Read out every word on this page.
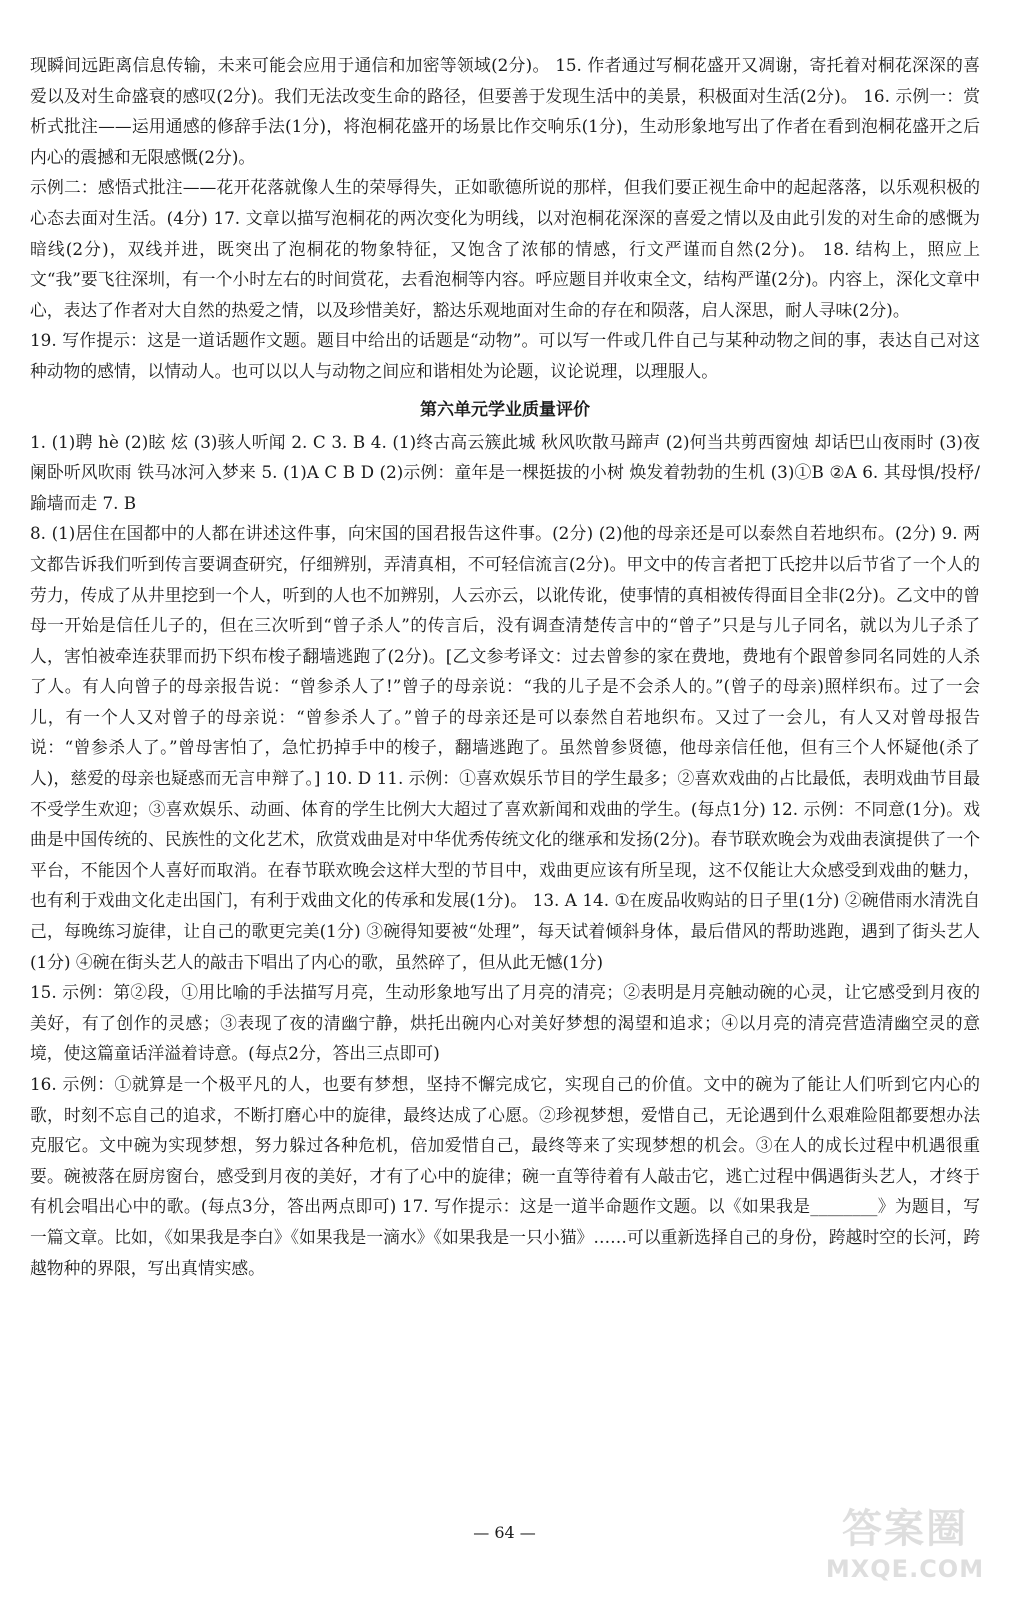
现瞬间远距离信息传输，未来可能会应用于通信和加密等领域(2分)。 15. 作者通过写桐花盛开又凋谢，寄托着对桐花深深的喜爱以及对生命盛衰的感叹(2分)。我们无法改变生命的路径，但要善于发现生活中的美景，积极面对生活(2分)。 16. 示例一：赏析式批注——运用通感的修辞手法(1分)，将泡桐花盛开的场景比作交响乐(1分)，生动形象地写出了作者在看到泡桐花盛开之后内心的震撼和无限感慨(2分)。

示例二：感悟式批注——花开花落就像人生的荣辱得失，正如歌德所说的那样，但我们要正视生命中的起起落落，以乐观积极的心态去面对生活。(4分) 17. 文章以描写泡桐花的两次变化为明线，以对泡桐花深深的喜爱之情以及由此引发的对生命的感慨为暗线(2分)，双线并进，既突出了泡桐花的物象特征，又饱含了浓郁的情感，行文严谨而自然(2分)。 18. 结构上，照应上文“我”要飞往深圳，有一个小时左右的时间赏花，去看泡桐等内容。呼应题目并收束全文，结构严谨(2分)。内容上，深化文章中心，表达了作者对大自然的热爱之情，以及珍惜美好，豁达乐观地面对生命的存在和陨落，启人深思，耐人寻味(2分)。

19. 写作提示：这是一道话题作文题。题目中给出的话题是“动物”。可以写一件或几件自己与某种动物之间的事，表达自己对这种动物的感情，以情动人。也可以以人与动物之间应和谐相处为论题，议论说理，以理服人。

第六单元学业质量评价

1. (1)聘 hè (2)眩 炫 (3)骇人听闻 2. C 3. B 4. (1)终古高云簇此城 秋风吹散马蹄声 (2)何当共剪西窗烛 却话巴山夜雨时 (3)夜阑卧听风吹雨 铁马冰河入梦来 5. (1)A C B D (2)示例：童年是一棵挺拔的小树 焕发着勃勃的生机 (3)①B ②A 6. 其母惧/投杼/踰墙而走 7. B

8. (1)居住在国都中的人都在讲述这件事，向宋国的国君报告这件事。(2分) (2)他的母亲还是可以泰然自若地织布。(2分) 9. 两文都告诉我们听到传言要调查研究，仔细辨别，弄清真相，不可轻信流言(2分)。甲文中的传言者把丁氏挖井以后节省了一个人的劳力，传成了从井里挖到一个人，听到的人也不加辨别，人云亦云，以讹传讹，使事情的真相被传得面目全非(2分)。乙文中的曾母一开始是信任儿子的，但在三次听到“曾子杀人”的传言后，没有调查清楚传言中的“曾子”只是与儿子同名，就以为儿子杀了人，害怕被牵连获罪而扔下织布梭子翻墙逃跑了(2分)。[乙文参考译文：过去曾参的家在费地，费地有个跟曾参同名同姓的人杀了人。有人向曾子的母亲报告说：“曾参杀人了!”曾子的母亲说：“我的儿子是不会杀人的。”(曾子的母亲)照样织布。过了一会儿，有一个人又对曾子的母亲说：“曾参杀人了。”曾子的母亲还是可以泰然自若地织布。又过了一会儿，有人又对曾母报告说：“曾参杀人了。”曾母害怕了，急忙扔掉手中的梭子，翻墙逃跑了。虽然曾参贤德，他母亲信任他，但有三个人怀疑他(杀了人)，慈爱的母亲也疑惑而无言申辩了。] 10. D 11. 示例：①喜欢娱乐节目的学生最多；②喜欢戏曲的占比最低，表明戏曲节目最不受学生欢迎；③喜欢娱乐、动画、体育的学生比例大大超过了喜欢新闻和戏曲的学生。(每点1分) 12. 示例：不同意(1分)。戏曲是中国传统的、民族性的文化艺术，欣赏戏曲是对中华优秀传统文化的继承和发扬(2分)。春节联欢晚会为戏曲表演提供了一个平台，不能因个人喜好而取消。在春节联欢晚会这样大型的节目中，戏曲更应该有所呈现，这不仅能让大众感受到戏曲的魅力，也有利于戏曲文化走出国门，有利于戏曲文化的传承和发展(1分)。 13. A 14. ①在废品收购站的日子里(1分) ②碗借雨水清洗自己，每晚练习旋律，让自己的歌更完美(1分) ③碗得知要被“处理”，每天试着倾斜身体，最后借风的帮助逃跑，遇到了街头艺人(1分) ④碗在街头艺人的敲击下唱出了内心的歌，虽然碎了，但从此无憾(1分)

15. 示例：第②段，①用比喻的手法描写月亮，生动形象地写出了月亮的清亮；②表明是月亮触动碗的心灵，让它感受到月夜的美好，有了创作的灵感；③表现了夜的清幽宁静，烘托出碗内心对美好梦想的渴望和追求；④以月亮的清亮营造清幽空灵的意境，使这篇童话洋溢着诗意。(每点2分，答出三点即可)

16. 示例：①就算是一个极平凡的人，也要有梦想，坚持不懈完成它，实现自己的价值。文中的碗为了能让人们听到它内心的歌，时刻不忘自己的追求，不断打磨心中的旋律，最终达成了心愿。②珍视梦想，爱惜自己，无论遇到什么艰难险阻都要想办法克服它。文中碗为实现梦想，努力躲过各种危机，倍加爱惜自己，最终等来了实现梦想的机会。③在人的成长过程中机遇很重要。碗被落在厨房窗台，感受到月夜的美好，才有了心中的旋律；碗一直等待着有人敲击它，逃亡过程中偶遇街头艺人，才终于有机会唱出心中的歌。(每点3分，答出两点即可) 17. 写作提示：这是一道半命题作文题。以《如果我是________》为题目，写一篇文章。比如，《如果我是李白》《如果我是一滴水》《如果我是一只小猫》……可以重新选择自己的身份，跨越时空的长河，跨越物种的界限，写出真情实感。

— 64 —	答案圈
MXQE.COM
